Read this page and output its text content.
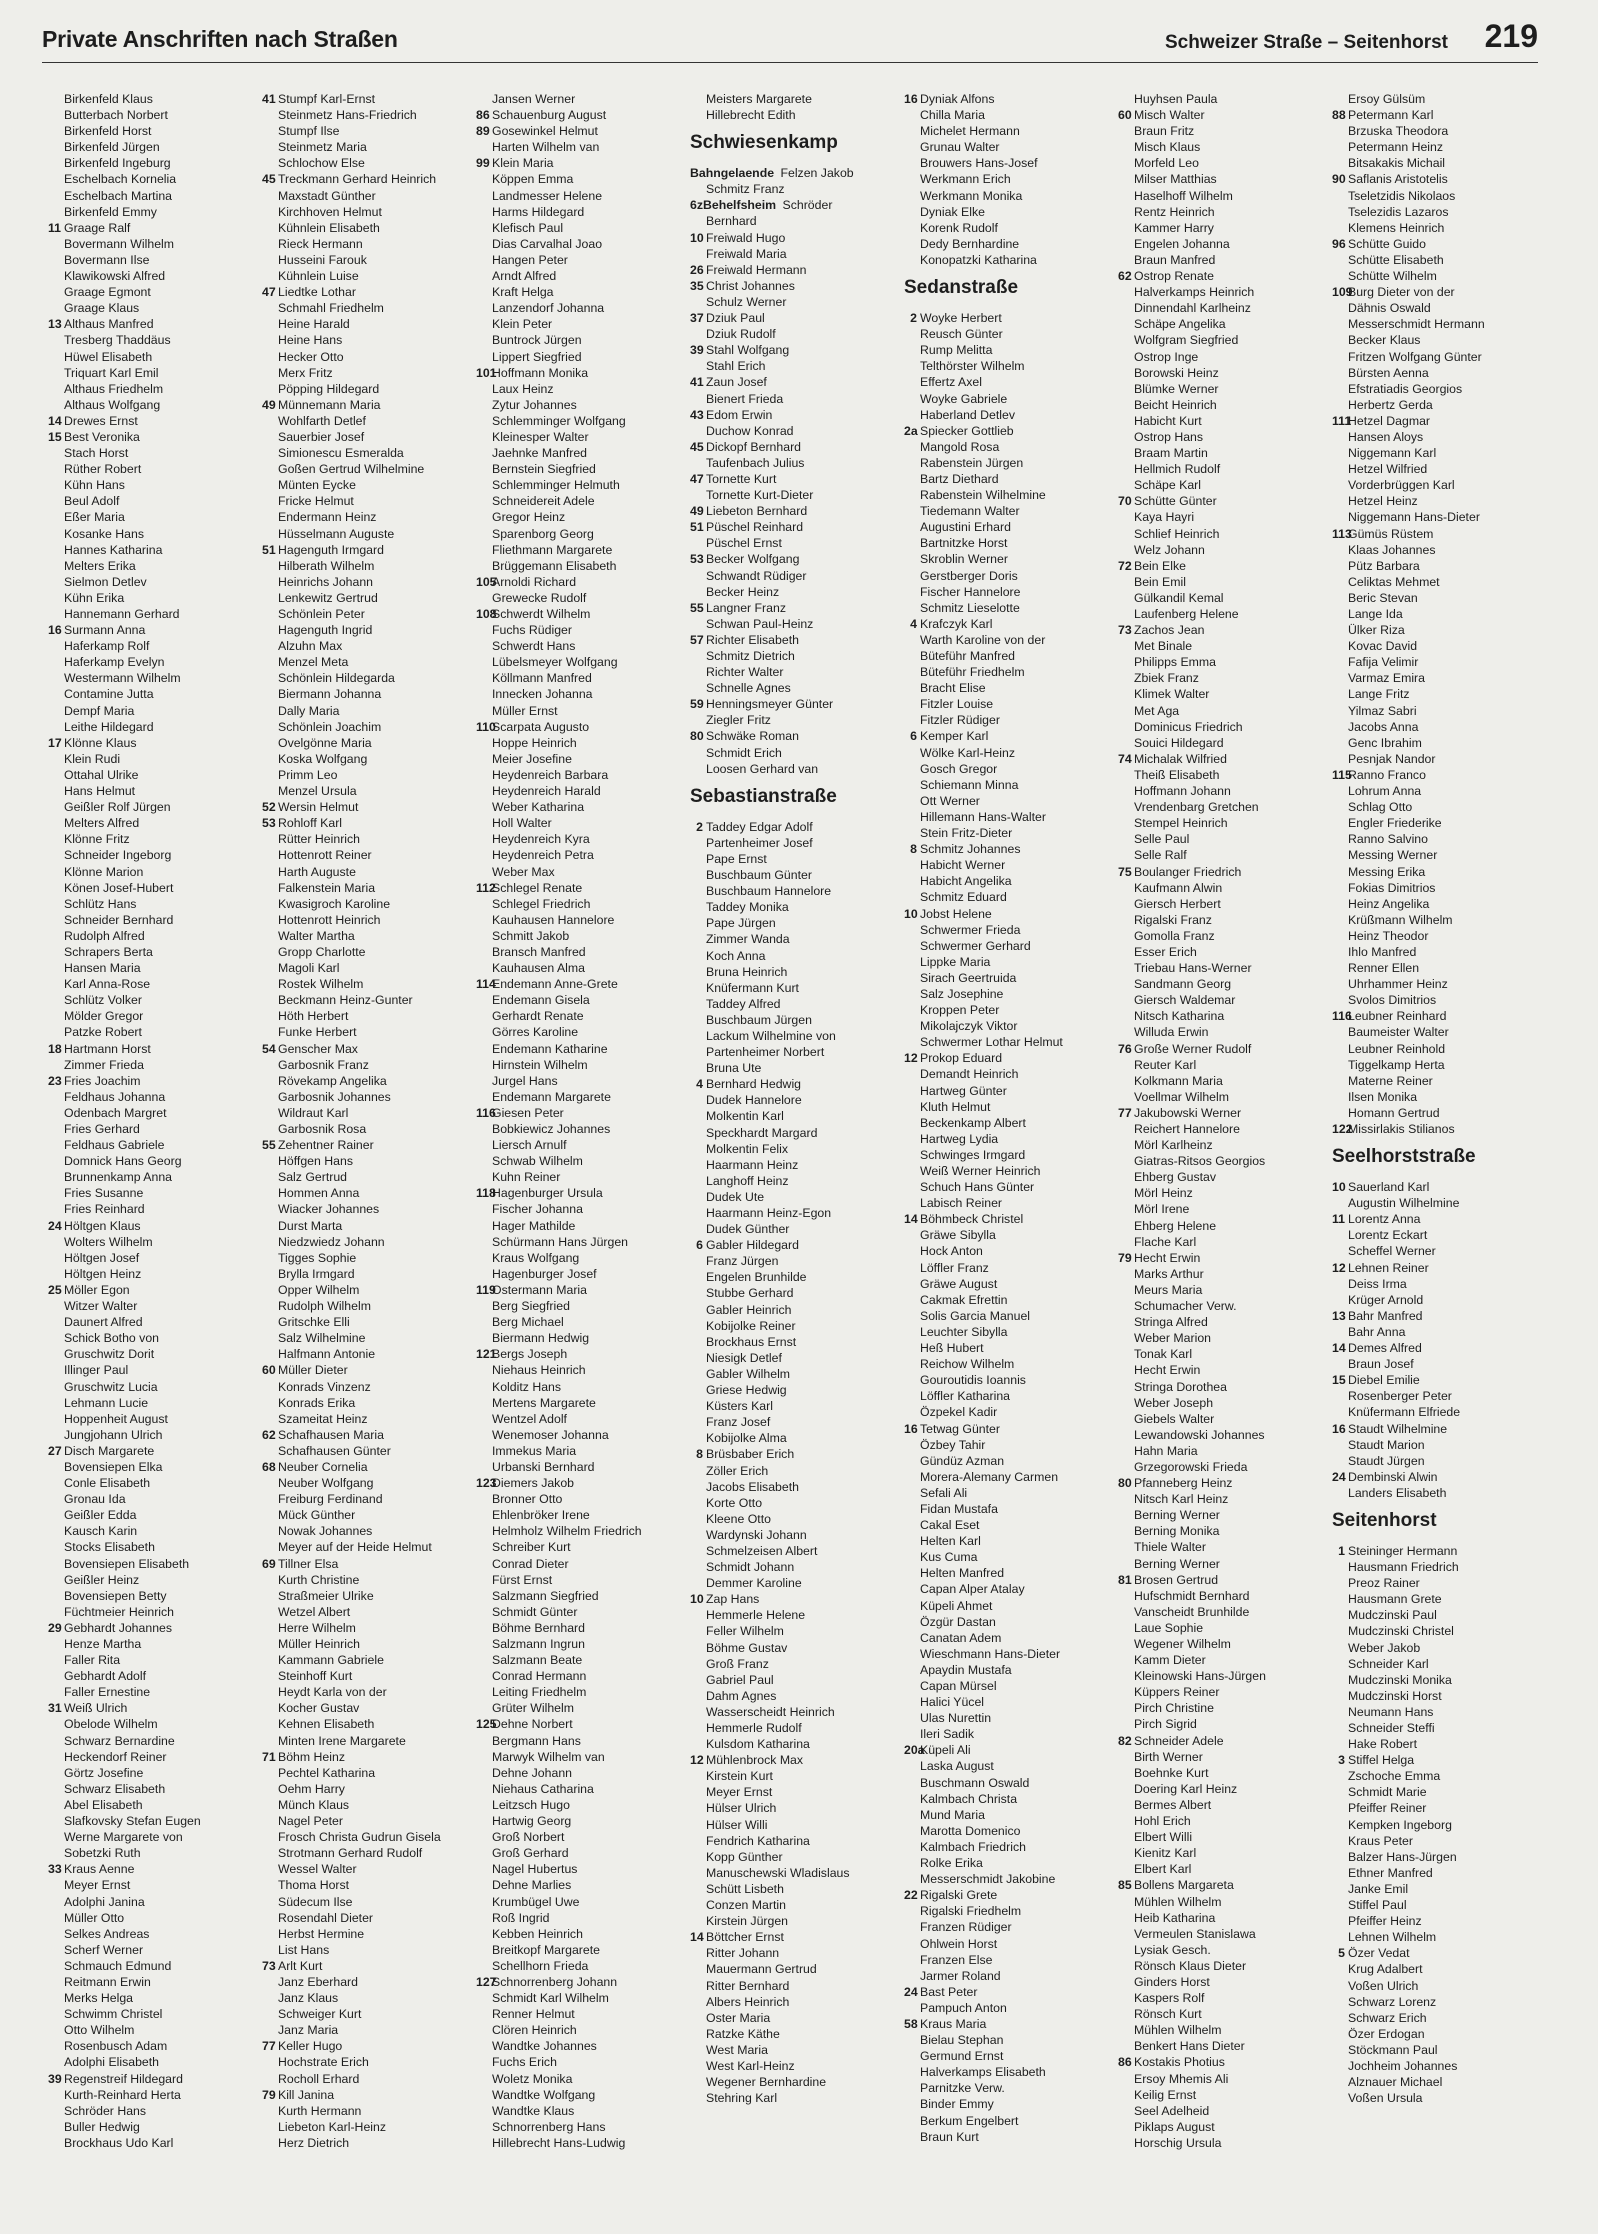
Private Anschriften nach Straßen	Schweizer Straße – Seitenhorst 219
Birkenfeld Klaus
Butterbach Norbert
Birkenfeld Horst
Birkenfeld Jürgen
Birkenfeld Ingeburg
Eschelbach Kornelia
Eschelbach Martina
Birkenfeld Emmy
11 Graage Ralf
Bovermann Wilhelm
Bovermann Ilse
Klawikowski Alfred
Graage Egmont
Graage Klaus
13 Althaus Manfred
Tresberg Thaddäus
Hüwel Elisabeth
Triquart Karl Emil
Althaus Friedhelm
Althaus Wolfgang
14 Drewes Ernst
15 Best Veronika
Stach Horst
Rüther Robert
Kühn Hans
Beul Adolf
Eßer Maria
Kosanke Hans
Hannes Katharina
Melters Erika
Sielmon Detlev
Kühn Erika
Hannemann Gerhard
16 Surmann Anna
Haferkamp Rolf
Haferkamp Evelyn
Westermann Wilhelm
Contamine Jutta
Dempf Maria
Leithe Hildegard
17 Klönne Klaus
Klein Rudi
Ottahal Ulrike
Hans Helmut
Geißler Rolf Jürgen
Melters Alfred
Klönne Fritz
Schneider Ingeborg
Klönne Marion
Könen Josef-Hubert
Schlütz Hans
Schneider Bernhard
Rudolph Alfred
Schrapers Berta
Hansen Maria
Karl Anna-Rose
Schlütz Volker
Mölder Gregor
Patzke Robert
18 Hartmann Horst
Zimmer Frieda
23 Fries Joachim
Feldhaus Johanna
Odenbach Margret
Fries Gerhard
Feldhaus Gabriele
Domnick Hans Georg
Brunnenkamp Anna
Fries Susanne
Fries Reinhard
24 Höltgen Klaus
Wolters Wilhelm
Höltgen Josef
Höltgen Heinz
25 Möller Egon
Witzer Walter
Daunert Alfred
Schick Botho von
Gruschwitz Dorit
Illinger Paul
Gruschwitz Lucia
Lehmann Lucie
Hoppenheit August
Jungjohann Ulrich
27 Disch Margarete
Bovensiepen Elka
Conle Elisabeth
Gronau Ida
Geißler Edda
Kausch Karin
Stocks Elisabeth
Bovensiepen Elisabeth
Geißler Heinz
Bovensiepen Betty
Füchtmeier Heinrich
29 Gebhardt Johannes
Henze Martha
Faller Rita
Gebhardt Adolf
Faller Ernestine
31 Weiß Ulrich
Obelode Wilhelm
Schwarz Bernardine
Heckendorf Reiner
Görtz Josefine
Schwarz Elisabeth
Abel Elisabeth
Slafkovsky Stefan Eugen
Werne Margarete von
Sobetzki Ruth
33 Kraus Aenne
Meyer Ernst
Adolphi Janina
Müller Otto
Selkes Andreas
Scherf Werner
Schmauch Edmund
Reitmann Erwin
Merks Helga
Schwimm Christel
Otto Wilhelm
Rosenbusch Adam
Adolphi Elisabeth
39 Regenstreif Hildegard
Kurth-Reinhard Herta
Schröder Hans
Buller Hedwig
Brockhaus Udo Karl
41 Stumpf Karl-Ernst
Steinmetz Hans-Friedrich
Stumpf Ilse
Steinmetz Maria
Schlochow Else
45 Treckmann Gerhard Heinrich
Maxstadt Günther
Kirchhoven Helmut
Kühnlein Elisabeth
Rieck Hermann
Husseini Farouk
Kühnlein Luise
47 Liedtke Lothar
Schmahl Friedhelm
Heine Harald
Heine Hans
Hecker Otto
Merx Fritz
Pöpping Hildegard
49 Münnemann Maria
Wohlfarth Detlef
Sauerbier Josef
Simionescu Esmeralda
Goßen Gertrud Wilhelmine
Münten Eycke
Fricke Helmut
Endermann Heinz
Hüsselmann Auguste
51 Hagenguth Irmgard
Hilberath Wilhelm
Heinrichs Johann
Lenkewitz Gertrud
Schönlein Peter
Hagenguth Ingrid
Alzuhn Max
Menzel Meta
Schönlein Hildegarda
Biermann Johanna
Dally Maria
Schönlein Joachim
Ovelgönne Maria
Koska Wolfgang
Primm Leo
Menzel Ursula
52 Wersin Helmut
53 Rohloff Karl
Rütter Heinrich
Hottenrott Reiner
Harth Auguste
Falkenstein Maria
Kwasigroch Karoline
Hottenrott Heinrich
Walter Martha
Gropp Charlotte
Magoli Karl
Rostek Wilhelm
Beckmann Heinz-Gunter
Höth Herbert
Funke Herbert
54 Genscher Max
Garbosnik Franz
Rövekamp Angelika
Garbosnik Johannes
Wildraut Karl
Garbosnik Rosa
55 Zehentner Rainer
Höffgen Hans
Salz Gertrud
Hommen Anna
Wiacker Johannes
Durst Marta
Niedzwiedz Johann
Tigges Sophie
Brylla Irmgard
Opper Wilhelm
Rudolph Wilhelm
Gritschke Elli
Salz Wilhelmine
Halfmann Antonie
60 Müller Dieter
Konrads Vinzenz
Konrads Erika
Szameitat Heinz
62 Schafhausen Maria
Schafhausen Günter
68 Neuber Cornelia
Neuber Wolfgang
Freiburg Ferdinand
Mück Günther
Nowak Johannes
Meyer auf der Heide Helmut
69 Tillner Elsa
Kurth Christine
Straßmeier Ulrike
Wetzel Albert
Herre Wilhelm
Müller Heinrich
Kammann Gabriele
Steinhoff Kurt
Heydt Karla von der
Kocher Gustav
Kehnen Elisabeth
Minten Irene Margarete
71 Böhm Heinz
Pechtel Katharina
Oehm Harry
Münch Klaus
Nagel Peter
Frosch Christa Gudrun Gisela
Strotmann Gerhard Rudolf
Wessel Walter
Thoma Horst
Südecum Ilse
Rosendahl Dieter
Herbst Hermine
List Hans
73 Arlt Kurt
Janz Eberhard
Janz Klaus
Schweiger Kurt
Janz Maria
77 Keller Hugo
Hochstrate Erich
Rocholl Erhard
79 Kill Janina
Kurth Hermann
Liebeton Karl-Heinz
Herz Dietrich
Jansen Werner
86 Schauenburg August
89 Gosewinkel Helmut
Harten Wilhelm van
99 Klein Maria
Köppen Emma
Landmesser Helene
Harms Hildegard
Klefisch Paul
Dias Carvalhal Joao
Hangen Peter
Arndt Alfred
Kraft Helga
Lanzendorf Johanna
Klein Peter
Buntrock Jürgen
Lippert Siegfried
101Hoffmann Monika
Laux Heinz
Zytur Johannes
Schlemminger Wolfgang
Kleinesper Walter
Jaehnke Manfred
Bernstein Siegfried
Schlemminger Helmuth
Schneidereit Adele
Gregor Heinz
Sparenborg Georg
Fliethmann Margarete
Brüggemann Elisabeth
105Arnoldi Richard
Grewecke Rudolf
108Schwerdt Wilhelm
Fuchs Rüdiger
Schwerdt Hans
Lübelsmeyer Wolfgang
Köllmann Manfred
Innecken Johanna
Müller Ernst
110Scarpata Augusto
Hoppe Heinrich
Meier Josefine
Heydenreich Barbara
Heydenreich Harald
Weber Katharina
Holl Walter
Heydenreich Kyra
Heydenreich Petra
Weber Max
112Schlegel Renate
Schlegel Friedrich
Kauhausen Hannelore
Schmitt Jakob
Bransch Manfred
Kauhausen Alma
114Endemann Anne-Grete
Endemann Gisela
Gerhardt Renate
Görres Karoline
Endemann Katharine
Hirnstein Wilhelm
Jurgel Hans
Endemann Margarete
116Giesen Peter
Bobkiewicz Johannes
Liersch Arnulf
Schwab Wilhelm
Kuhn Reiner
118Hagenburger Ursula
Fischer Johanna
Hager Mathilde
Schürmann Hans Jürgen
Kraus Wolfgang
Hagenburger Josef
119Ostermann Maria
Berg Siegfried
Berg Michael
Biermann Hedwig
121Bergs Joseph
Niehaus Heinrich
Kolditz Hans
Mertens Margarete
Wentzel Adolf
Wenemoser Johanna
Immekus Maria
Urbanski Bernhard
123Diemers Jakob
Bronner Otto
Ehlenbröker Irene
Helmholz Wilhelm Friedrich
Schreiber Kurt
Conrad Dieter
Fürst Ernst
Salzmann Siegfried
Schmidt Günter
Böhme Bernhard
Salzmann Ingrun
Salzmann Beate
Conrad Hermann
Leiting Friedhelm
Grüter Wilhelm
125Dehne Norbert
Bergmann Hans
Marwyk Wilhelm van
Dehne Johann
Niehaus Catharina
Leitzsch Hugo
Hartwig Georg
Groß Norbert
Groß Gerhard
Nagel Hubertus
Dehne Marlies
Krumbügel Uwe
Roß Ingrid
Kebben Heinrich
Breitkopf Margarete
Schellhorn Frieda
127Schnorrenberg Johann
Schmidt Karl Wilhelm
Renner Helmut
Clören Heinrich
Wandtke Johannes
Fuchs Erich
Woletz Monika
Wandtke Wolfgang
Wandtke Klaus
Schnorrenberg Hans
Hillebrecht Hans-Ludwig
Meisters Margarete
Hillebrecht Edith
Schwiesenkamp
Bahngelaende Felzen Jakob
Schmitz Franz
6zBehelfsheim Schröder
Bernhard
10 Freiwald Hugo
Freiwald Maria
26 Freiwald Hermann
35 Christ Johannes
Schulz Werner
37 Dziuk Paul
Dziuk Rudolf
39 Stahl Wolfgang
Stahl Erich
41 Zaun Josef
Bienert Frieda
43 Edom Erwin
Duchow Konrad
45 Dickopf Bernhard
Taufenbach Julius
47 Tornette Kurt
Tornette Kurt-Dieter
49 Liebeton Bernhard
51 Püschel Reinhard
Püschel Ernst
53 Becker Wolfgang
Schwandt Rüdiger
Becker Heinz
55 Langner Franz
Schwan Paul-Heinz
57 Richter Elisabeth
Schmitz Dietrich
Richter Walter
Schnelle Agnes
59 Henningsmeyer Günter
Ziegler Fritz
80 Schwäke Roman
Schmidt Erich
Loosen Gerhard van
Sebastianstraße
2 Taddey Edgar Adolf
Partenheimer Josef
Pape Ernst
Buschbaum Günter
Buschbaum Hannelore
Taddey Monika
Pape Jürgen
Zimmer Wanda
Koch Anna
Bruna Heinrich
Knüfermann Kurt
Taddey Alfred
Buschbaum Jürgen
Lackum Wilhelmine von
Partenheimer Norbert
Bruna Ute
4 Bernhard Hedwig
Dudek Hannelore
Molkentin Karl
Speckhardt Margard
Molkentin Felix
Haarmann Heinz
Langhoff Heinz
Dudek Ute
Haarmann Heinz-Egon
Dudek Günther
6 Gabler Hildegard
Franz Jürgen
Engelen Brunhilde
Stubbe Gerhard
Gabler Heinrich
Kobijolke Reiner
Brockhaus Ernst
Niesigk Detlef
Gabler Wilhelm
Griese Hedwig
Küsters Karl
Franz Josef
Kobijolke Alma
8 Brüsbaber Erich
Zöller Erich
Jacobs Elisabeth
Korte Otto
Kleene Otto
Wardynski Johann
Schmelzeisen Albert
Schmidt Johann
Demmer Karoline
10 Zap Hans
Hemmerle Helene
Feller Wilhelm
Böhme Gustav
Groß Franz
Gabriel Paul
Dahm Agnes
Wasserscheidt Heinrich
Hemmerle Rudolf
Kulsdom Katharina
12 Mühlenbrock Max
Kirstein Kurt
Meyer Ernst
Hülser Ulrich
Hülser Willi
Fendrich Katharina
Kopp Günther
Manuschewski Wladislaus
Schütt Lisbeth
Conzen Martin
Kirstein Jürgen
14 Böttcher Ernst
Ritter Johann
Mauermann Gertrud
Ritter Bernhard
Albers Heinrich
Oster Maria
Ratzke Käthe
West Maria
West Karl-Heinz
Wegener Bernhardine
Stehring Karl
16 Dyniak Alfons
Chilla Maria
Michelet Hermann
Grunau Walter
Brouwers Hans-Josef
Werkmann Erich
Werkmann Monika
Dyniak Elke
Korenk Rudolf
Dedy Bernhardine
Konopatzki Katharina
Sedanstraße
2 Woyke Herbert
Reusch Günter
Rump Melitta
Telthörster Wilhelm
Effertz Axel
Woyke Gabriele
Haberland Detlev
2a Spiecker Gottlieb
Mangold Rosa
Rabenstein Jürgen
Bartz Diethard
Rabenstein Wilhelmine
Tiedemann Walter
Augustini Erhard
Bartnitzke Horst
Skroblin Werner
Gerstberger Doris
Fischer Hannelore
Schmitz Lieselotte
4 Krafczyk Karl
Warth Karoline von der
Büteführ Manfred
Büteführ Friedhelm
Bracht Elise
Fitzler Louise
Fitzler Rüdiger
6 Kemper Karl
Wölke Karl-Heinz
Gosch Gregor
Schiemann Minna
Ott Werner
Hillemann Hans-Walter
Stein Fritz-Dieter
8 Schmitz Johannes
Habicht Werner
Habicht Angelika
Schmitz Eduard
10 Jobst Helene
Schwermer Frieda
Schwermer Gerhard
Lippke Maria
Sirach Geertruida
Salz Josephine
Kroppen Peter
Mikolajczyk Viktor
Schwermer Lothar Helmut
12 Prokop Eduard
Demandt Heinrich
Hartweg Günter
Kluth Helmut
Beckenkamp Albert
Hartweg Lydia
Schwinges Irmgard
Weiß Werner Heinrich
Schuch Hans Günter
Labisch Reiner
14 Böhmbeck Christel
Gräwe Sibylla
Hock Anton
Löffler Franz
Gräwe August
Cakmak Efrettin
Solis Garcia Manuel
Leuchter Sibylla
Heß Hubert
Reichow Wilhelm
Gouroutidis Ioannis
Löffler Katharina
Özpekel Kadir
16 Tetwag Günter
Özbey Tahir
Gündüz Azman
Morera-Alemany Carmen
Sefali Ali
Fidan Mustafa
Cakal Eset
Helten Karl
Kus Cuma
Helten Manfred
Capan Alper Atalay
Küpeli Ahmet
Özgür Dastan
Canatan Adem
Wieschmann Hans-Dieter
Apaydin Mustafa
Capan Mürsel
Halici Yücel
Ulas Nurettin
Ileri Sadik
20aKüpeli Ali
Laska August
Buschmann Oswald
Kalmbach Christa
Mund Maria
Marotta Domenico
Kalmbach Friedrich
Rolke Erika
Messerschmidt Jakobine
22 Rigalski Grete
Rigalski Friedhelm
Franzen Rüdiger
Ohlwein Horst
Franzen Else
Jarmer Roland
24 Bast Peter
Pampuch Anton
58 Kraus Maria
Bielau Stephan
Germund Ernst
Halverkamps Elisabeth
Parnitzke Verw.
Binder Emmy
Berkum Engelbert
Braun Kurt
Huyhsen Paula
60 Misch Walter
Braun Fritz
Misch Klaus
Morfeld Leo
Milser Matthias
Haselhoff Wilhelm
Rentz Heinrich
Kammer Harry
Engelen Johanna
Braun Manfred
62 Ostrop Renate
Halverkamps Heinrich
Dinnendahl Karlheinz
Schäpe Angelika
Wolfgram Siegfried
Ostrop Inge
Borowski Heinz
Blümke Werner
Beicht Heinrich
Habicht Kurt
Ostrop Hans
Braam Martin
Hellmich Rudolf
Schäpe Karl
70 Schütte Günter
Kaya Hayri
Schlief Heinrich
Welz Johann
72 Bein Elke
Bein Emil
Gülkandil Kemal
Laufenberg Helene
73 Zachos Jean
Met Binale
Philipps Emma
Zbiek Franz
Klimek Walter
Met Aga
Dominicus Friedrich
Souici Hildegard
74 Michalak Wilfried
Theiß Elisabeth
Hoffmann Johann
Vrendenbarg Gretchen
Stempel Heinrich
Selle Paul
Selle Ralf
75 Boulanger Friedrich
Kaufmann Alwin
Giersch Herbert
Rigalski Franz
Gomolla Franz
Esser Erich
Triebau Hans-Werner
Sandmann Georg
Giersch Waldemar
Nitsch Katharina
Willuda Erwin
76 Große Werner Rudolf
Reuter Karl
Kolkmann Maria
Voellmar Wilhelm
77 Jakubowski Werner
Reichert Hannelore
Mörl Karlheinz
Giatras-Ritsos Georgios
Ehberg Gustav
Mörl Heinz
Mörl Irene
Ehberg Helene
Flache Karl
79 Hecht Erwin
Marks Arthur
Meurs Maria
Schumacher Verw.
Stringa Alfred
Weber Marion
Tonak Karl
Hecht Erwin
Stringa Dorothea
Weber Joseph
Giebels Walter
Lewandowski Johannes
Hahn Maria
Grzegorowski Frieda
80 Pfanneberg Heinz
Nitsch Karl Heinz
Berning Werner
Berning Monika
Thiele Walter
Berning Werner
81 Brosen Gertrud
Hufschmidt Bernhard
Vanscheidt Brunhilde
Laue Sophie
Wegener Wilhelm
Kamm Dieter
Kleinowski Hans-Jürgen
Küppers Reiner
Pirch Christine
Pirch Sigrid
82 Schneider Adele
Birth Werner
Boehnke Kurt
Doering Karl Heinz
Bermes Albert
Hohl Erich
Elbert Willi
Kienitz Karl
Elbert Karl
85 Bollens Margareta
Mühlen Wilhelm
Heib Katharina
Vermeulen Stanislawa
Lysiak Gesch.
Rönsch Klaus Dieter
Ginders Horst
Kaspers Rolf
Rönsch Kurt
Mühlen Wilhelm
Benkert Hans Dieter
86 Kostakis Photius
Ersoy Mhemis Ali
Keilig Ernst
Seel Adelheid
Piklaps August
Horschig Ursula
Ersoy Gülsüm
88 Petermann Karl
Brzuska Theodora
Petermann Heinz
Bitsakakis Michail
90 Saflanis Aristotelis
Tseletzidis Nikolaos
Tselezidis Lazaros
Klemens Heinrich
96 Schütte Guido
Schütte Elisabeth
Schütte Wilhelm
109Burg Dieter von der
Dähnis Oswald
Messerschmidt Hermann
Becker Klaus
Fritzen Wolfgang Günter
Bürsten Aenna
Efstratiadis Georgios
Herbertz Gerda
111Hetzel Dagmar
Hansen Aloys
Niggemann Karl
Hetzel Wilfried
Vorderbrüggen Karl
Hetzel Heinz
Niggemann Hans-Dieter
113Gümüs Rüstem
Klaas Johannes
Pütz Barbara
Celiktas Mehmet
Beric Stevan
Lange Ida
Ülker Riza
Kovac David
Fafija Velimir
Varmaz Emira
Lange Fritz
Yilmaz Sabri
Jacobs Anna
Genc Ibrahim
Pesnjak Nandor
115Ranno Franco
Lohrum Anna
Schlag Otto
Engler Friederike
Ranno Salvino
Messing Werner
Messing Erika
Fokias Dimitrios
Heinz Angelika
Krüßmann Wilhelm
Heinz Theodor
Ihlo Manfred
Renner Ellen
Uhrhammer Heinz
Svolos Dimitrios
116Leubner Reinhard
Baumeister Walter
Leubner Reinhold
Tiggelkamp Herta
Materne Reiner
Ilsen Monika
Homann Gertrud
122Missirlakis Stilianos
Seelhorststraße
10 Sauerland Karl
Augustin Wilhelmine
11 Lorentz Anna
Lorentz Eckart
Scheffel Werner
12 Lehnen Reiner
Deiss Irma
Krüger Arnold
13 Bahr Manfred
Bahr Anna
14 Demes Alfred
Braun Josef
15 Diebel Emilie
Rosenberger Peter
Knüfermann Elfriede
16 Staudt Wilhelmine
Staudt Marion
Staudt Jürgen
24 Dembinski Alwin
Landers Elisabeth
Seitenhorst
1 Steininger Hermann
Hausmann Friedrich
Preoz Rainer
Hausmann Grete
Mudczinski Paul
Mudczinski Christel
Weber Jakob
Schneider Karl
Mudczinski Monika
Mudczinski Horst
Neumann Hans
Schneider Steffi
Hake Robert
3 Stiffel Helga
Zschoche Emma
Schmidt Marie
Pfeiffer Reiner
Kempken Ingeborg
Kraus Peter
Balzer Hans-Jürgen
Ethner Manfred
Janke Emil
Stiffel Paul
Pfeiffer Heinz
Lehnen Wilhelm
5 Özer Vedat
Krug Adalbert
Voßen Ulrich
Schwarz Lorenz
Schwarz Erich
Özer Erdogan
Stöckmann Paul
Jochheim Johannes
Alznauer Michael
Voßen Ursula
